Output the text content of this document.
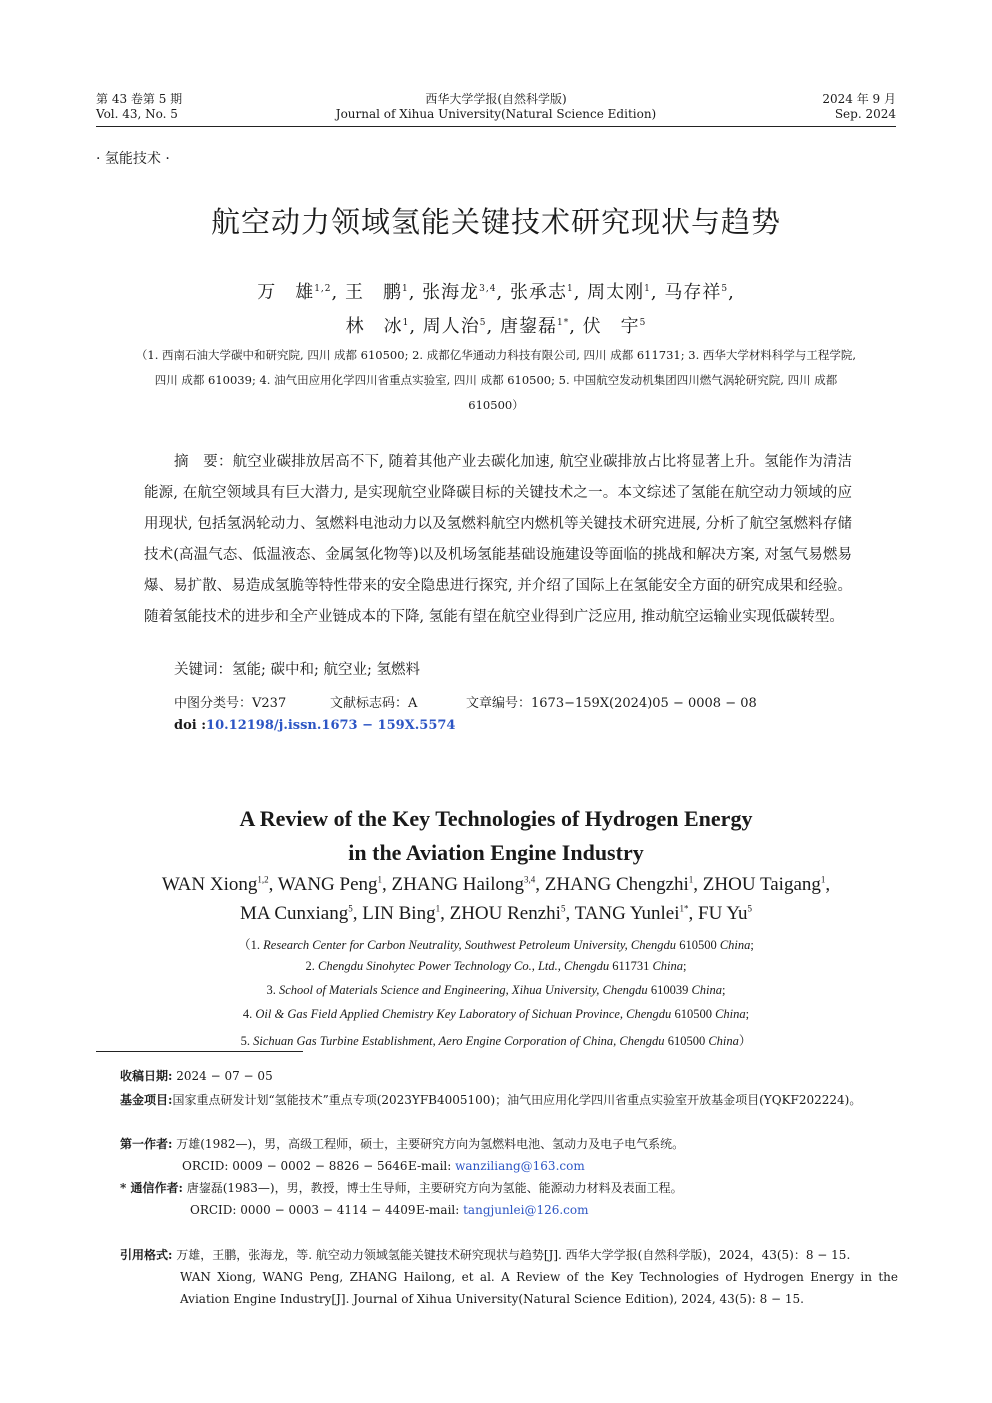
第 43 卷第 5 期
Vol. 43, No. 5
西华大学学报(自然科学版)
Journal of Xihua University(Natural Science Edition)
2024 年 9 月
Sep. 2024
· 氢能技术 ·
航空动力领域氢能关键技术研究现状与趋势
万　雄$^{1,2}$, 王　鹏$^1$, 张海龙$^{3,4}$, 张承志$^1$, 周太刚$^1$, 马存祥$^5$,
林　冰$^1$, 周人治$^5$, 唐鋆磊$^{1*}$, 伏　宇$^5$
（1. 西南石油大学碳中和研究院, 四川 成都 610500; 2. 成都亿华通动力科技有限公司, 四川 成都 611731; 3. 西华大学材料科学与工程学院, 四川 成都 610039; 4. 油气田应用化学四川省重点实验室, 四川 成都 610500; 5. 中国航空发动机集团四川燃气涡轮研究院, 四川 成都 610500）
摘　要：航空业碳排放居高不下, 随着其他产业去碳化加速, 航空业碳排放占比将显著上升。氢能作为清洁能源, 在航空领域具有巨大潜力, 是实现航空业降碳目标的关键技术之一。本文综述了氢能在航空动力领域的应用现状, 包括氢涡轮动力、氢燃料电池动力以及氢燃料航空内燃机等关键技术研究进展, 分析了航空氢燃料存储技术(高温气态、低温液态、金属氢化物等)以及机场氢能基础设施建设等面临的挑战和解决方案, 对氢气易燃易爆、易扩散、易造成氢脆等特性带来的安全隐患进行探究, 并介绍了国际上在氢能安全方面的研究成果和经验。随着氢能技术的进步和全产业链成本的下降, 氢能有望在航空业得到广泛应用, 推动航空运输业实现低碳转型。
关键词：氢能; 碳中和; 航空业; 氢燃料
中图分类号：V237	文献标志码：A	文章编号：1673−159X(2024)05 − 0008 − 08
doi :10.12198/j.issn.1673 − 159X.5574
A Review of the Key Technologies of Hydrogen Energy
in the Aviation Engine Industry
WAN Xiong$^{1,2}$, WANG Peng$^1$, ZHANG Hailong$^{3,4}$, ZHANG Chengzhi$^1$, ZHOU Taigang$^1$,
MA Cunxiang$^5$, LIN Bing$^1$, ZHOU Renzhi$^5$, TANG Yunlei$^{1*}$, FU Yu$^5$
（1. Research Center for Carbon Neutrality, Southwest Petroleum University, Chengdu 610500 China;
2. Chengdu Sinohytec Power Technology Co., Ltd., Chengdu 611731 China;
3. School of Materials Science and Engineering, Xihua University, Chengdu 610039 China;
4. Oil & Gas Field Applied Chemistry Key Laboratory of Sichuan Province, Chengdu 610500 China;
5. Sichuan Gas Turbine Establishment, Aero Engine Corporation of China, Chengdu 610500 China）
收稿日期: 2024 − 07 − 05
基金项目:国家重点研发计划“氢能技术”重点专项(2023YFB4005100)；油气田应用化学四川省重点实验室开放基金项目(YQKF202224)。
第一作者: 万雄(1982—)，男，高级工程师，硕士，主要研究方向为氢燃料电池、氢动力及电子电气系统。
ORCID: 0009 − 0002 − 8826 − 5646 E-mail: wanziliang@163.com
* 通信作者: 唐鋆磊(1983—)，男，教授，博士生导师，主要研究方向为氢能、能源动力材料及表面工程。
ORCID: 0000 − 0003 − 4114 − 4409 E-mail: tangjunlei@126.com
引用格式: 万雄，王鹏，张海龙，等. 航空动力领域氢能关键技术研究现状与趋势[J]. 西华大学学报(自然科学版)，2024，43(5)：8 − 15.
WAN Xiong, WANG Peng, ZHANG Hailong, et al. A Review of the Key Technologies of Hydrogen Energy in the Aviation Engine Industry[J]. Journal of Xihua University(Natural Science Edition), 2024, 43(5): 8 − 15.
